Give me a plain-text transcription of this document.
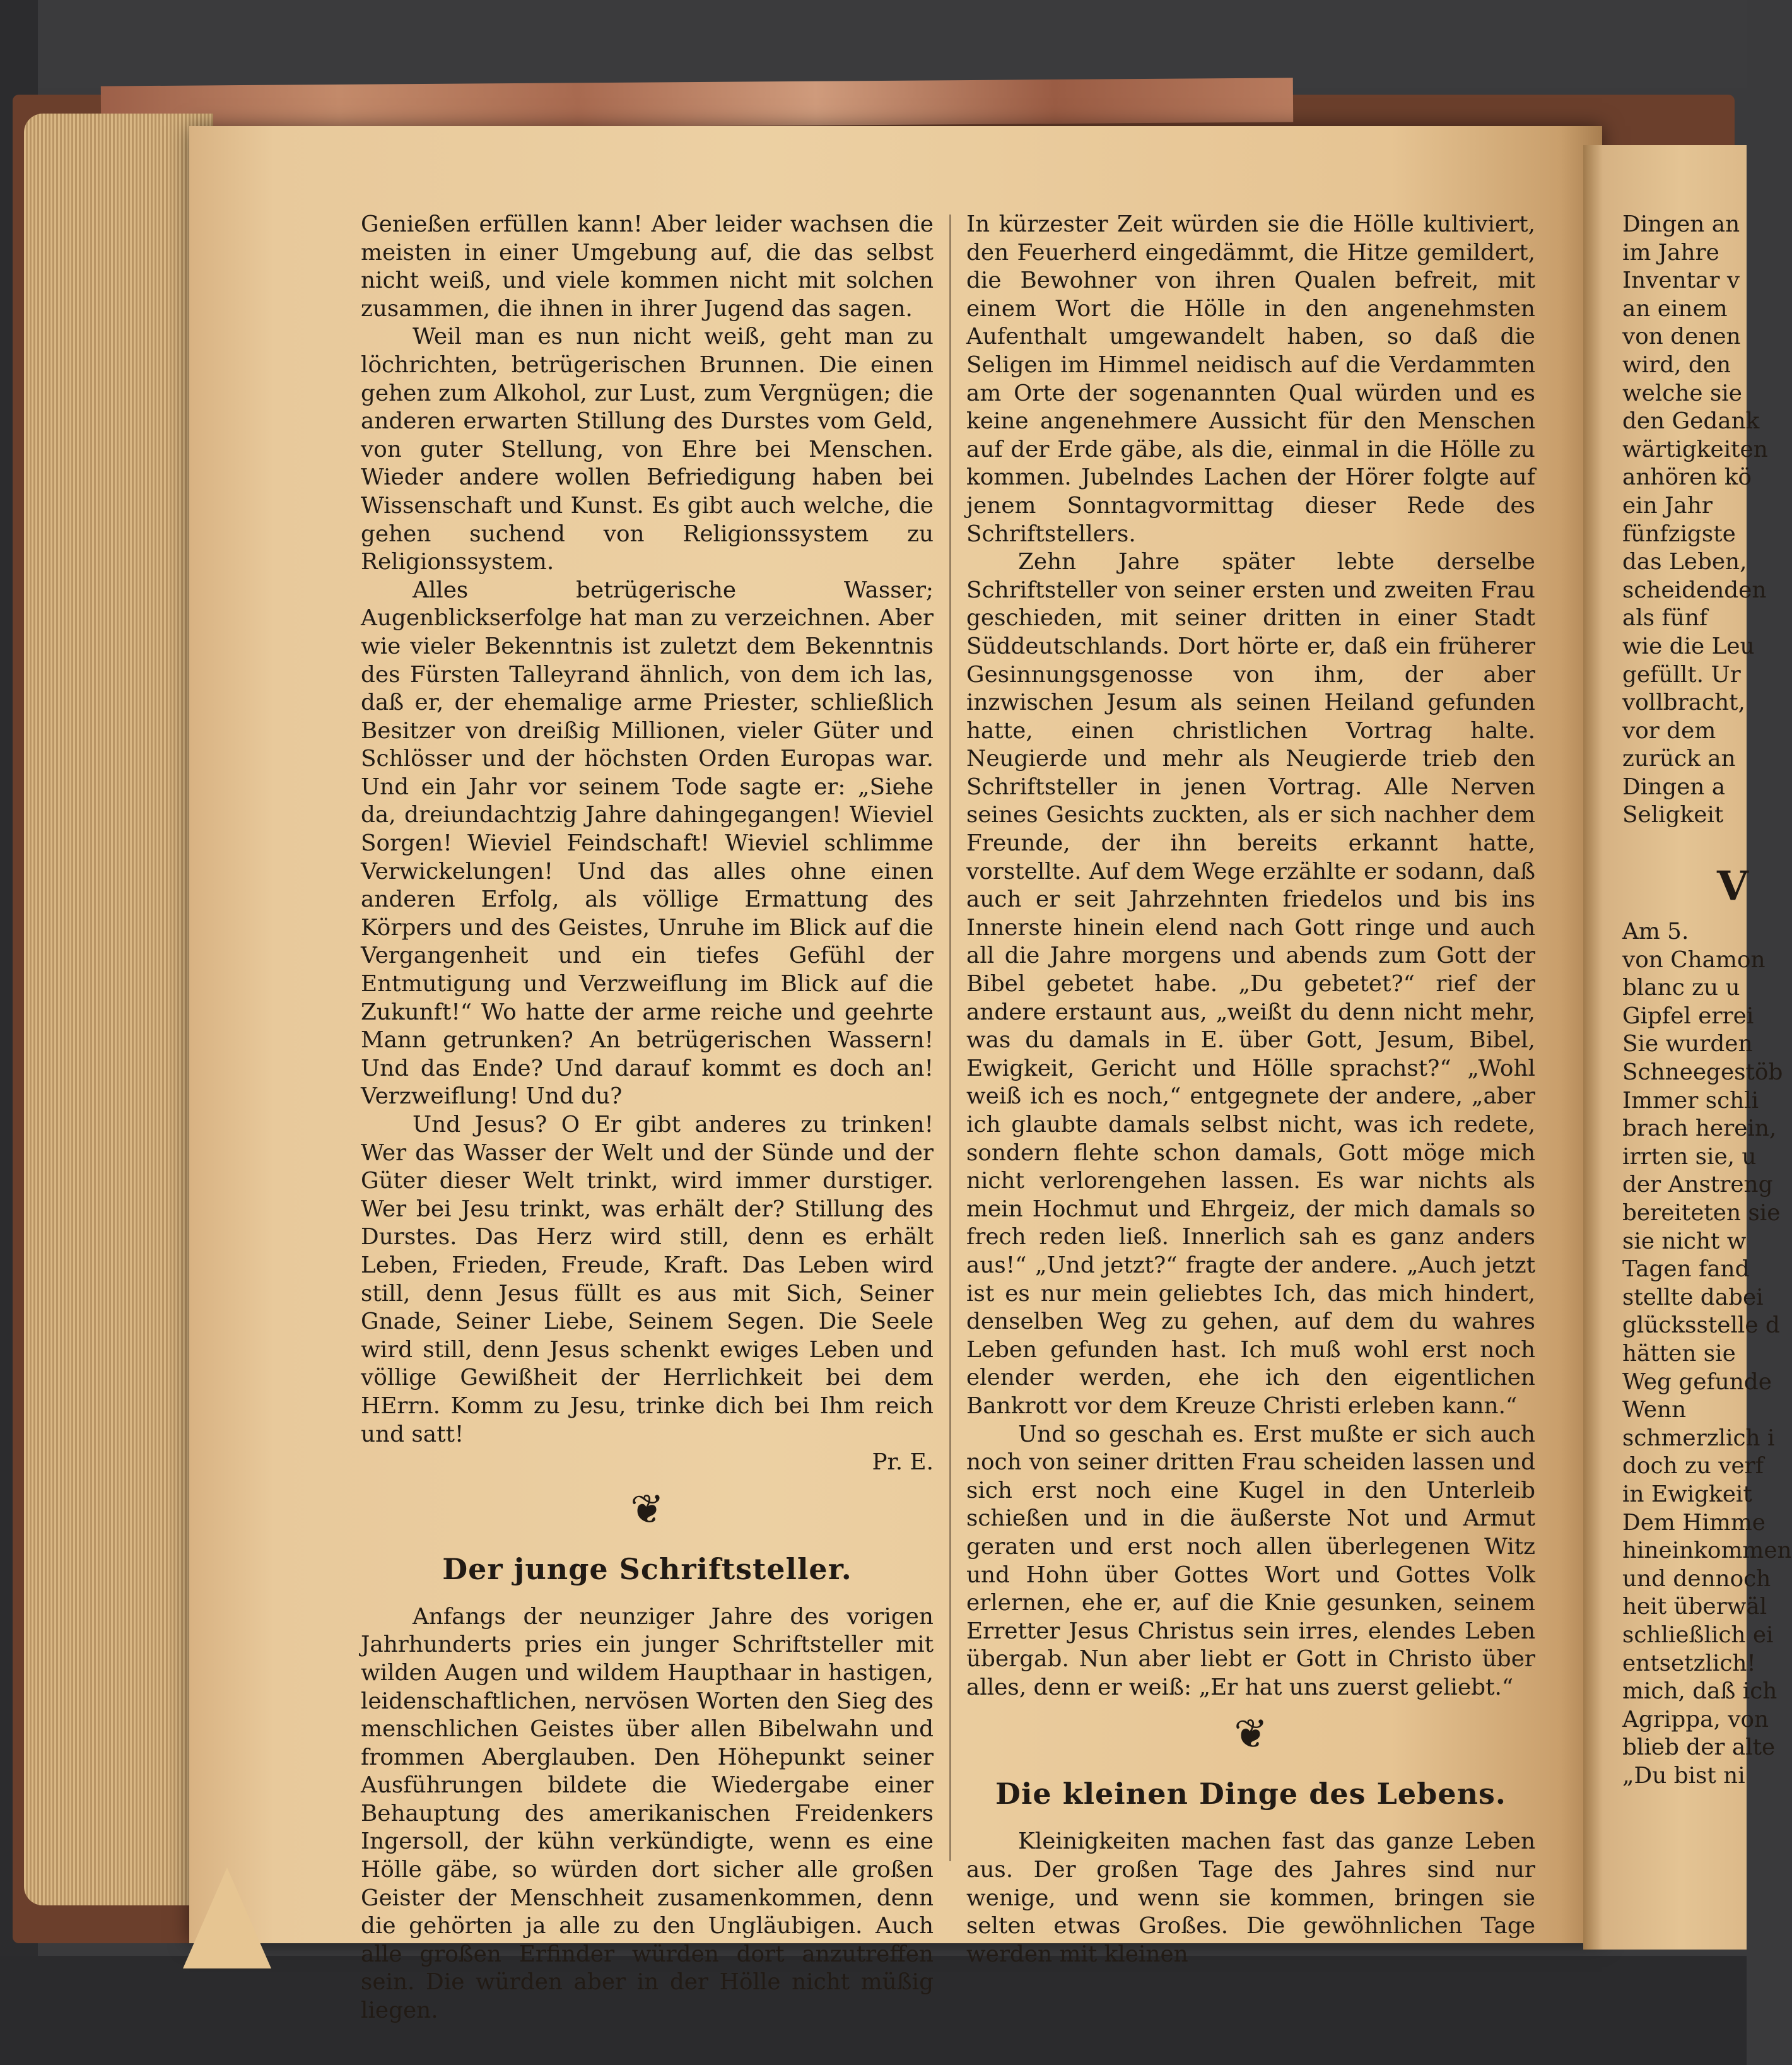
Genießen erfüllen kann! Aber leider wachsen die meisten in einer Umgebung auf, die das selbst nicht weiß, und viele kommen nicht mit solchen zusammen, die ihnen in ihrer Jugend das sagen.

Weil man es nun nicht weiß, geht man zu löchrichten, betrügerischen Brunnen. Die einen gehen zum Alkohol, zur Lust, zum Vergnügen; die anderen erwarten Stillung des Durstes vom Geld, von guter Stellung, von Ehre bei Menschen. Wieder andere wollen Befriedigung haben bei Wissenschaft und Kunst. Es gibt auch welche, die gehen suchend von Religionssystem zu Religionssystem.

Alles betrügerische Wasser; Augenblickserfolge hat man zu verzeichnen. Aber wie vieler Bekenntnis ist zuletzt dem Bekenntnis des Fürsten Talleyrand ähnlich, von dem ich las, daß er, der ehemalige arme Priester, schließlich Besitzer von dreißig Millionen, vieler Güter und Schlösser und der höchsten Orden Europas war. Und ein Jahr vor seinem Tode sagte er: „Siehe da, dreiundachtzig Jahre dahingegangen! Wieviel Sorgen! Wieviel Feindschaft! Wieviel schlimme Verwickelungen! Und das alles ohne einen anderen Erfolg, als völlige Ermattung des Körpers und des Geistes, Unruhe im Blick auf die Vergangenheit und ein tiefes Gefühl der Entmutigung und Verzweiflung im Blick auf die Zukunft!“ Wo hatte der arme reiche und geehrte Mann getrunken? An betrügerischen Wassern! Und das Ende? Und darauf kommt es doch an! Verzweiflung! Und du?

Und Jesus? O Er gibt anderes zu trinken! Wer das Wasser der Welt und der Sünde und der Güter dieser Welt trinkt, wird immer durstiger. Wer bei Jesu trinkt, was erhält der? Stillung des Durstes. Das Herz wird still, denn es erhält Leben, Frieden, Freude, Kraft. Das Leben wird still, denn Jesus füllt es aus mit Sich, Seiner Gnade, Seiner Liebe, Seinem Segen. Die Seele wird still, denn Jesus schenkt ewiges Leben und völlige Gewißheit der Herrlichkeit bei dem HErrn. Komm zu Jesu, trinke dich bei Ihm reich und satt!

Pr. E.

❦
Der junge Schriftsteller.

Anfangs der neunziger Jahre des vorigen Jahrhunderts pries ein junger Schriftsteller mit wilden Augen und wildem Haupthaar in hastigen, leidenschaftlichen, nervösen Worten den Sieg des menschlichen Geistes über allen Bibelwahn und frommen Aberglauben. Den Höhepunkt seiner Ausführungen bildete die Wiedergabe einer Behauptung des amerikanischen Freidenkers Ingersoll, der kühn verkündigte, wenn es eine Hölle gäbe, so würden dort sicher alle großen Geister der Menschheit zusamenkommen, denn die gehörten ja alle zu den Ungläubigen. Auch alle großen Erfinder würden dort anzutreffen sein. Die würden aber in der Hölle nicht müßig liegen.

In kürzester Zeit würden sie die Hölle kultiviert, den Feuerherd eingedämmt, die Hitze gemildert, die Bewohner von ihren Qualen befreit, mit einem Wort die Hölle in den angenehmsten Aufenthalt umgewandelt haben, so daß die Seligen im Himmel neidisch auf die Verdammten am Orte der sogenannten Qual würden und es keine angenehmere Aussicht für den Menschen auf der Erde gäbe, als die, einmal in die Hölle zu kommen. Jubelndes Lachen der Hörer folgte auf jenem Sonntagvormittag dieser Rede des Schriftstellers.

Zehn Jahre später lebte derselbe Schriftsteller von seiner ersten und zweiten Frau geschieden, mit seiner dritten in einer Stadt Süddeutschlands. Dort hörte er, daß ein früherer Gesinnungsgenosse von ihm, der aber inzwischen Jesum als seinen Heiland gefunden hatte, einen christlichen Vortrag halte. Neugierde und mehr als Neugierde trieb den Schriftsteller in jenen Vortrag. Alle Nerven seines Gesichts zuckten, als er sich nachher dem Freunde, der ihn bereits erkannt hatte, vorstellte. Auf dem Wege erzählte er sodann, daß auch er seit Jahrzehnten friedelos und bis ins Innerste hinein elend nach Gott ringe und auch all die Jahre morgens und abends zum Gott der Bibel gebetet habe. „Du gebetet?“ rief der andere erstaunt aus, „weißt du denn nicht mehr, was du damals in E. über Gott, Jesum, Bibel, Ewigkeit, Gericht und Hölle sprachst?“ „Wohl weiß ich es noch,“ entgegnete der andere, „aber ich glaubte damals selbst nicht, was ich redete, sondern flehte schon damals, Gott möge mich nicht verlorengehen lassen. Es war nichts als mein Hochmut und Ehrgeiz, der mich damals so frech reden ließ. Innerlich sah es ganz anders aus!“ „Und jetzt?“ fragte der andere. „Auch jetzt ist es nur mein geliebtes Ich, das mich hindert, denselben Weg zu gehen, auf dem du wahres Leben gefunden hast. Ich muß wohl erst noch elender werden, ehe ich den eigentlichen Bankrott vor dem Kreuze Christi erleben kann.“

Und so geschah es. Erst mußte er sich auch noch von seiner dritten Frau scheiden lassen und sich erst noch eine Kugel in den Unterleib schießen und in die äußerste Not und Armut geraten und erst noch allen überlegenen Witz und Hohn über Gottes Wort und Gottes Volk erlernen, ehe er, auf die Knie gesunken, seinem Erretter Jesus Christus sein irres, elendes Leben übergab. Nun aber liebt er Gott in Christo über alles, denn er weiß: „Er hat uns zuerst geliebt.“

❦
Die kleinen Dinge des Lebens.

Kleinigkeiten machen fast das ganze Leben aus. Der großen Tage des Jahres sind nur wenige, und wenn sie kommen, bringen sie selten etwas Großes. Die gewöhnlichen Tage werden mit kleinen

Dingen an
im Jahre
Inventar v
an einem
von denen
wird, den
welche sie
den Gedank
wärtigkeiten
anhören kö
ein Jahr
fünfzigste
das Leben,
scheidenden
als fünf
wie die Leu
gefüllt. Ur
vollbracht,
vor dem
zurück an
Dingen a
Seligkeit
V
Am 5.
von Chamon
blanc zu u
Gipfel errei
Sie wurden
Schneegestöb
Immer schli
brach herein,
irrten sie, u
der Anstreng
bereiteten sie
sie nicht w
Tagen fand
stellte dabei
glücksstelle d
hätten sie
Weg gefunde
Wenn
schmerzlich i
doch zu verf
in Ewigkeit
Dem Himme
hineinkommen
und dennoch
heit überwäl
schließlich ei
entsetzlich!
mich, daß ich
Agrippa, von
blieb der alte
„Du bist ni
